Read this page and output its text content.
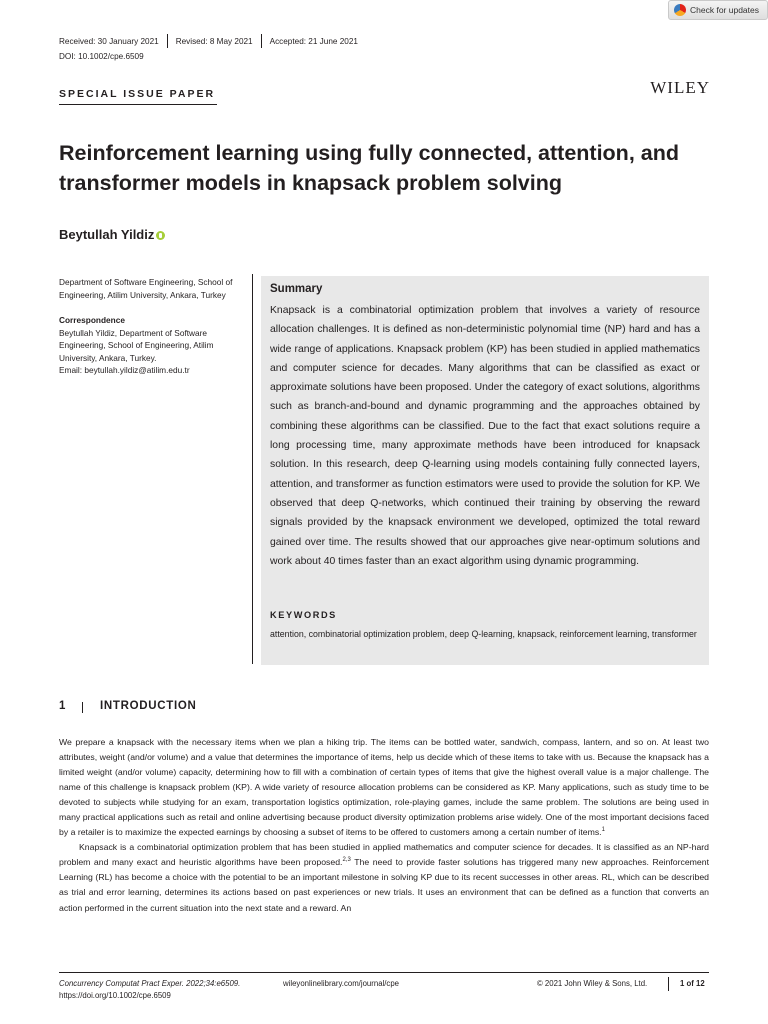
Check for updates
Received: 30 January 2021 Revised: 8 May 2021 Accepted: 21 June 2021
DOI: 10.1002/cpe.6509
WILEY
SPECIAL ISSUE PAPER
Reinforcement learning using fully connected, attention, and transformer models in knapsack problem solving
Beytullah Yildiz
Department of Software Engineering, School of Engineering, Atilim University, Ankara, Turkey
Correspondence
Beytullah Yildiz, Department of Software Engineering, School of Engineering, Atilim University, Ankara, Turkey.
Email: beytullah.yildiz@atilim.edu.tr
Summary
Knapsack is a combinatorial optimization problem that involves a variety of resource allocation challenges. It is defined as non-deterministic polynomial time (NP) hard and has a wide range of applications. Knapsack problem (KP) has been studied in applied mathematics and computer science for decades. Many algorithms that can be classified as exact or approximate solutions have been proposed. Under the category of exact solutions, algorithms such as branch-and-bound and dynamic programming and the approaches obtained by combining these algorithms can be classified. Due to the fact that exact solutions require a long processing time, many approximate methods have been introduced for knapsack solution. In this research, deep Q-learning using models containing fully connected layers, attention, and transformer as function estimators were used to provide the solution for KP. We observed that deep Q-networks, which continued their training by observing the reward signals provided by the knapsack environment we developed, optimized the total reward gained over time. The results showed that our approaches give near-optimum solutions and work about 40 times faster than an exact algorithm using dynamic programming.
KEYWORDS
attention, combinatorial optimization problem, deep Q-learning, knapsack, reinforcement learning, transformer
1	INTRODUCTION

We prepare a knapsack with the necessary items when we plan a hiking trip. The items can be bottled water, sandwich, compass, lantern, and so on. At least two attributes, weight (and/or volume) and a value that determines the importance of items, help us decide which of these items to take with us. Because the knapsack has a limited weight (and/or volume) capacity, determining how to fill with a combination of certain types of items that give the highest overall value is a major challenge. The name of this challenge is knapsack problem (KP). A wide variety of resource allocation problems can be considered as KP. Many applications, such as study time to be devoted to subjects while studying for an exam, transportation logistics optimization, role-playing games, include the same problem. The solutions are being used in many practical applications such as retail and online advertising because product diversity optimization problems arise widely. One of the most important decisions faced by a retailer is to maximize the expected earnings by choosing a subset of items to be offered to customers among a certain number of items.$^1$

Knapsack is a combinatorial optimization problem that has been studied in applied mathematics and computer science for decades. It is classified as an NP-hard problem and many exact and heuristic algorithms have been proposed.$^{2,3}$ The need to provide faster solutions has triggered many new approaches. Reinforcement Learning (RL) has become a choice with the potential to be an important milestone in solving KP due to its recent successes in other areas. RL, which can be described as trial and error learning, determines its actions based on past experiences or new trials. It uses an environment that can be defined as a function that converts an action performed in the current situation into the next state and a reward. An

Concurrency Computat Pract Exper. 2022;34:e6509.
https://doi.org/10.1002/cpe.6509
wileyonlinelibrary.com/journal/cpe	© 2021 John Wiley & Sons, Ltd.	1 of 12
